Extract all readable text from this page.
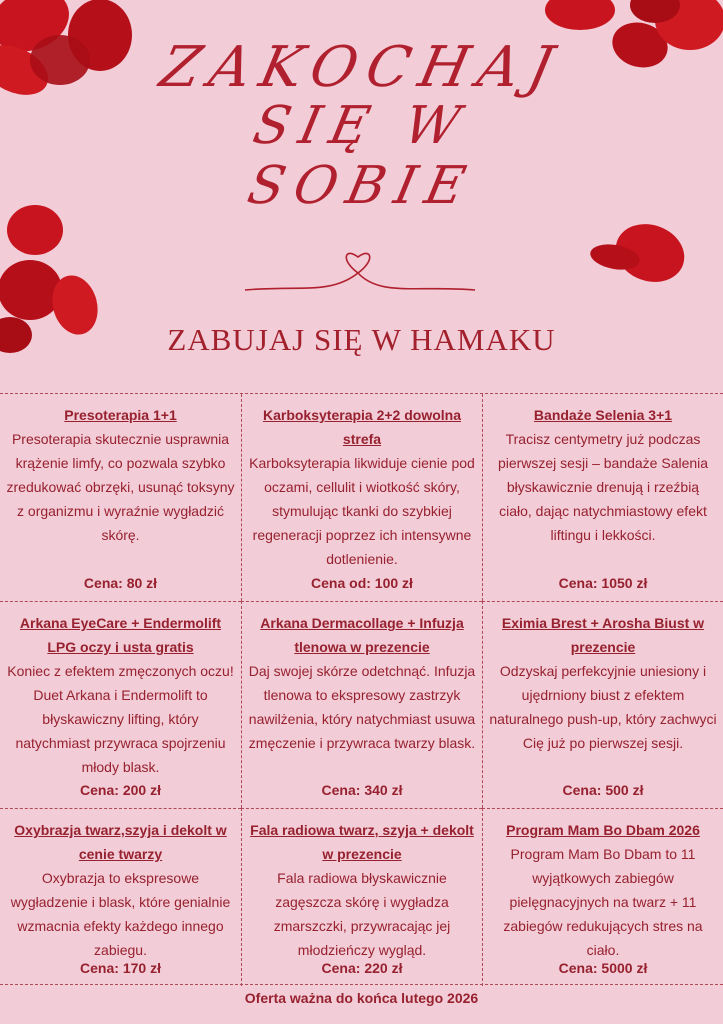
ZAKOCHAJ
SIĘ W
SOBIE
ZABUJAJ SIĘ W HAMAKU
Presoterapia 1+1
Presoterapia skutecznie usprawnia krążenie limfy, co pozwala szybko zredukować obrzęki, usunąć toksyny z organizmu i wyraźnie wygładzić skórę.
Cena: 80 zł
Karboksyterapia 2+2 dowolna strefa
Karboksyterapia likwiduje cienie pod oczami, cellulit i wiotkość skóry, stymulując tkanki do szybkiej regeneracji poprzez ich intensywne dotlenienie.
Cena od: 100 zł
Bandaże Selenia 3+1
Tracisz centymetry już podczas pierwszej sesji – bandaże Salenia błyskawicznie drenują i rzeźbią ciało, dając natychmiastowy efekt liftingu i lekkości.
Cena: 1050 zł
Arkana EyeCare + Endermolift LPG oczy i usta gratis
Koniec z efektem zmęczonych oczu! Duet Arkana i Endermolift to błyskawiczny lifting, który natychmiast przywraca spojrzeniu młody blask.
Cena: 200 zł
Arkana Dermacollage + Infuzja tlenowa w prezencie
Daj swojej skórze odetchnąć. Infuzja tlenowa to ekspresowy zastrzyk nawilżenia, który natychmiast usuwa zmęczenie i przywraca twarzy blask.
Cena: 340 zł
Eximia Brest + Arosha Biust w prezencie
Odzyskaj perfekcyjnie uniesiony i ujędrniony biust z efektem naturalnego push-up, który zachwyci Cię już po pierwszej sesji.
Cena: 500 zł
Oxybrazja twarz,szyja i dekolt w cenie twarzy
Oxybrazja to ekspresowe wygładzenie i blask, które genialnie wzmacnia efekty każdego innego zabiegu.
Cena: 170 zł
Fala radiowa twarz, szyja + dekolt w prezencie
Fala radiowa błyskawicznie zagęszcza skórę i wygładza zmarszczki, przywracając jej młodzieńczy wygląd.
Cena: 220 zł
Program Mam Bo Dbam 2026
Program Mam Bo Dbam to 11 wyjątkowych zabiegów pielęgnacyjnych na twarz + 11 zabiegów redukujących stres na ciało.
Cena: 5000 zł
Oferta ważna do końca lutego 2026
